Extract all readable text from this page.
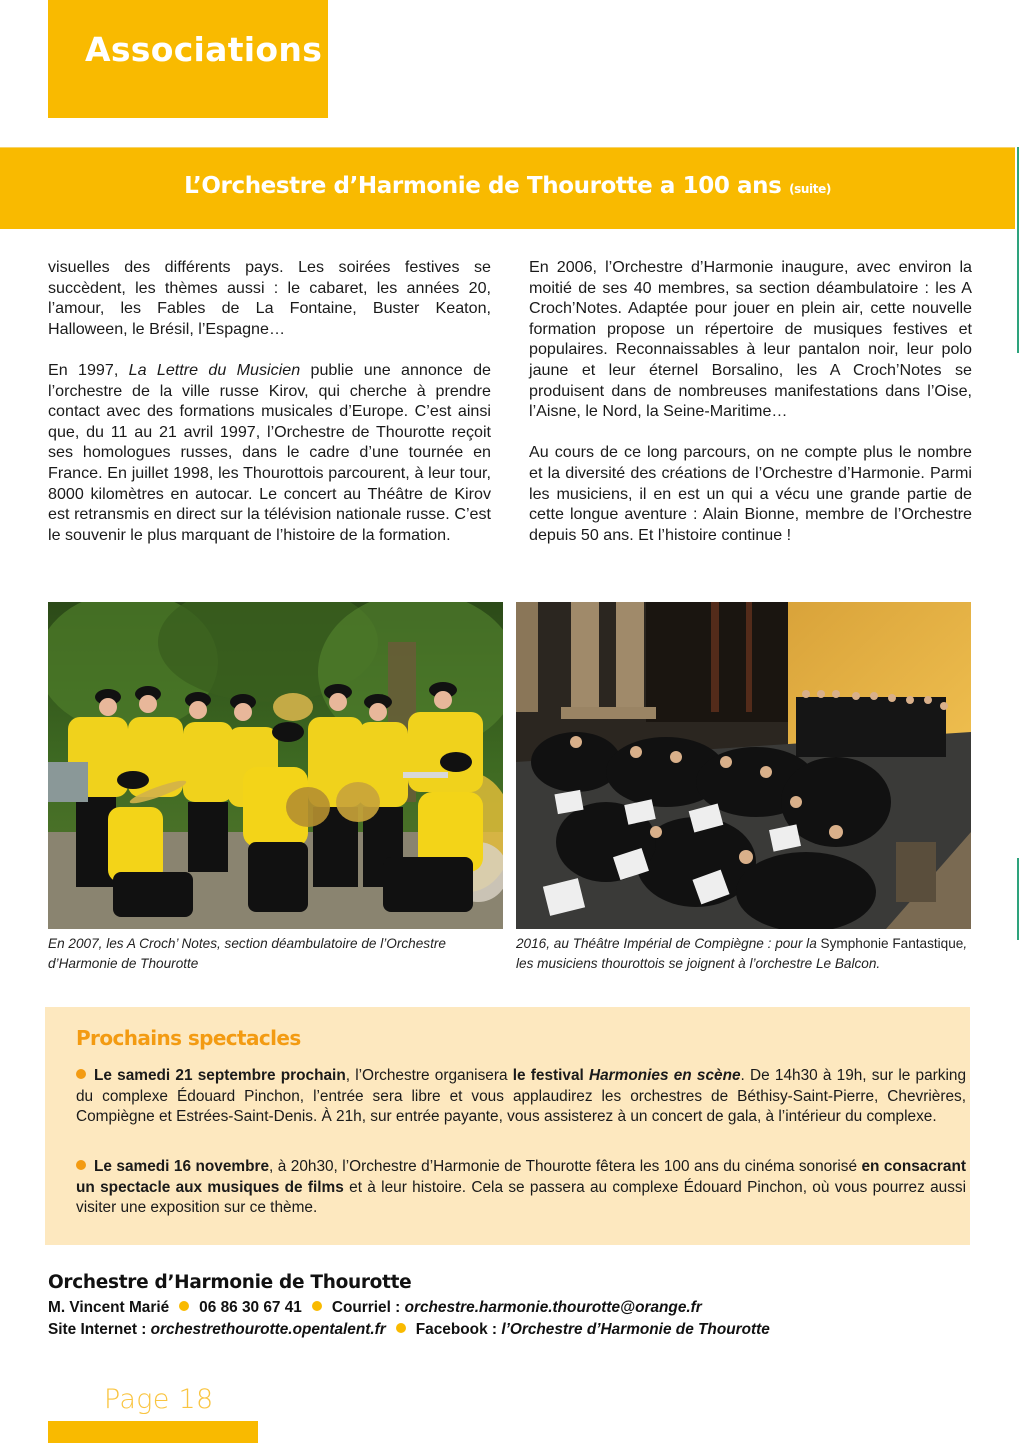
Associations
L’Orchestre d’Harmonie de Thourotte a 100 ans (suite)

visuelles des différents pays. Les soirées festives se succèdent, les thèmes aussi : le cabaret, les années 20, l’amour, les Fables de La Fontaine, Buster Keaton, Halloween, le Brésil, l’Espagne…

En 1997, La Lettre du Musicien publie une annonce de l’orchestre de la ville russe Kirov, qui cherche à prendre contact avec des formations musicales d’Europe. C’est ainsi que, du 11 au 21 avril 1997, l’Orchestre de Thourotte reçoit ses homologues russes, dans le cadre d’une tournée en France. En juillet 1998, les Thourottois parcourent, à leur tour, 8000 kilomètres en autocar. Le concert au Théâtre de Kirov est retransmis en direct sur la télévision nationale russe. C’est le souvenir le plus marquant de l’histoire de la formation.

En 2006, l’Orchestre d’Harmonie inaugure, avec environ la moitié de ses 40 membres, sa section déambulatoire : les A Croch’Notes. Adaptée pour jouer en plein air, cette nouvelle formation propose un répertoire de musiques festives et populaires. Reconnaissables à leur pantalon noir, leur polo jaune et leur éternel Borsalino, les A Croch’Notes se produisent dans de nombreuses manifestations dans l’Oise, l’Aisne, le Nord, la Seine-Maritime…

Au cours de ce long parcours, on ne compte plus le nombre et la diversité des créations de l’Orchestre d’Harmonie. Parmi les musiciens, il en est un qui a vécu une grande partie de cette longue aventure : Alain Bionne, membre de l’Orchestre depuis 50 ans. Et l’histoire continue !

En 2007, les A Croch’ Notes, section déambulatoire de l’Orchestre d’Harmonie de Thourotte
2016, au Théâtre Impérial de Compiègne : pour la Symphonie Fantastique, les musiciens thourottois se joignent à l’orchestre Le Balcon.
Prochains spectacles
Le samedi 21 septembre prochain, l’Orchestre organisera le festival Harmonies en scène. De 14h30 à 19h, sur le parking du complexe Édouard Pinchon, l’entrée sera libre et vous applaudirez les orchestres de Béthisy-Saint-Pierre, Chevrières, Compiègne et Estrées-Saint-Denis. À 21h, sur entrée payante, vous assisterez à un concert de gala, à l’intérieur du complexe.
Le samedi 16 novembre, à 20h30, l’Orchestre d’Harmonie de Thourotte fêtera les 100 ans du cinéma sonorisé en consacrant un spectacle aux musiques de films et à leur histoire. Cela se passera au complexe Édouard Pinchon, où vous pourrez aussi visiter une exposition sur ce thème.
Orchestre d’Harmonie de Thourotte
M. Vincent Marié 06 86 30 67 41 Courriel : orchestre.harmonie.thourotte@orange.fr
Site Internet : orchestrethourotte.opentalent.fr Facebook : l’Orchestre d’Harmonie de Thourotte
Page 18
